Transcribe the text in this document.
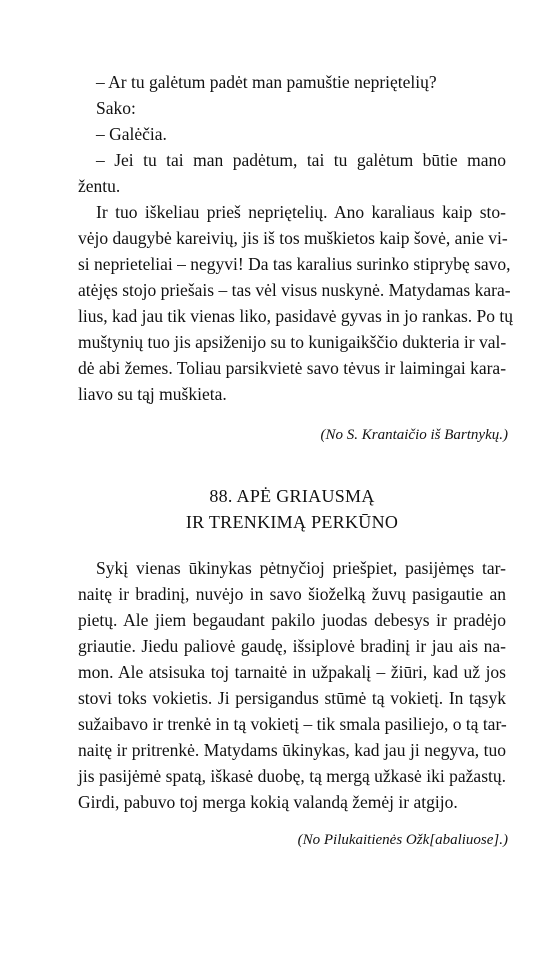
– Ar tu galėtum padėt man pamuštie nepriętelių?
Sako:
– Galėčia.
– Jei tu tai man padėtum, tai tu galėtum būtie mano
žentu.
Ir tuo iškeliau prieš nepriętelių. Ano karaliaus kaip sto-
vėjo daugybė kareivių, jis iš tos muškietos kaip šovė, anie vi-
si neprieteliai – negyvi! Da tas karalius surinko stiprybę savo,
atėjęs stojo priešais – tas vėl visus nuskynė. Matydamas kara-
lius, kad jau tik vienas liko, pasidavė gyvas in jo rankas. Po tų
muštynių tuo jis apsiženijo su to kunigaikščio dukteria ir val-
dė abi žemes. Toliau parsikvietė savo tėvus ir laimingai kara-
liavo su tąj muškieta.
(No S. Krantaičio iš Bartnykų.)
88. APĖ GRIAUSMĄ
IR TRENKIMĄ PERKŪNO
Sykį vienas ūkinykas pėtnyčioj priešpiet, pasijėmęs tar-
naitę ir bradinį, nuvėjo in savo šioželką žuvų pasigautie an
pietų. Ale jiem begaudant pakilo juodas debesys ir pradėjo
griautie. Jiedu paliovė gaudę, išsiplovė bradinį ir jau ais na-
mon. Ale atsisuka toj tarnaitė in užpakalį – žiūri, kad už jos
stovi toks vokietis. Ji persigandus stūmė tą vokietį. In tąsyk
sužaibavo ir trenkė in tą vokietį – tik smala pasiliejo, o tą tar-
naitę ir pritrenkė. Matydams ūkinykas, kad jau ji negyva, tuo
jis pasijėmė spatą, iškasė duobę, tą mergą užkasė iki pažastų.
Girdi, pabuvo toj merga kokią valandą žemėj ir atgijo.
(No Pilukaitienės Ožk[abaliuose].)
